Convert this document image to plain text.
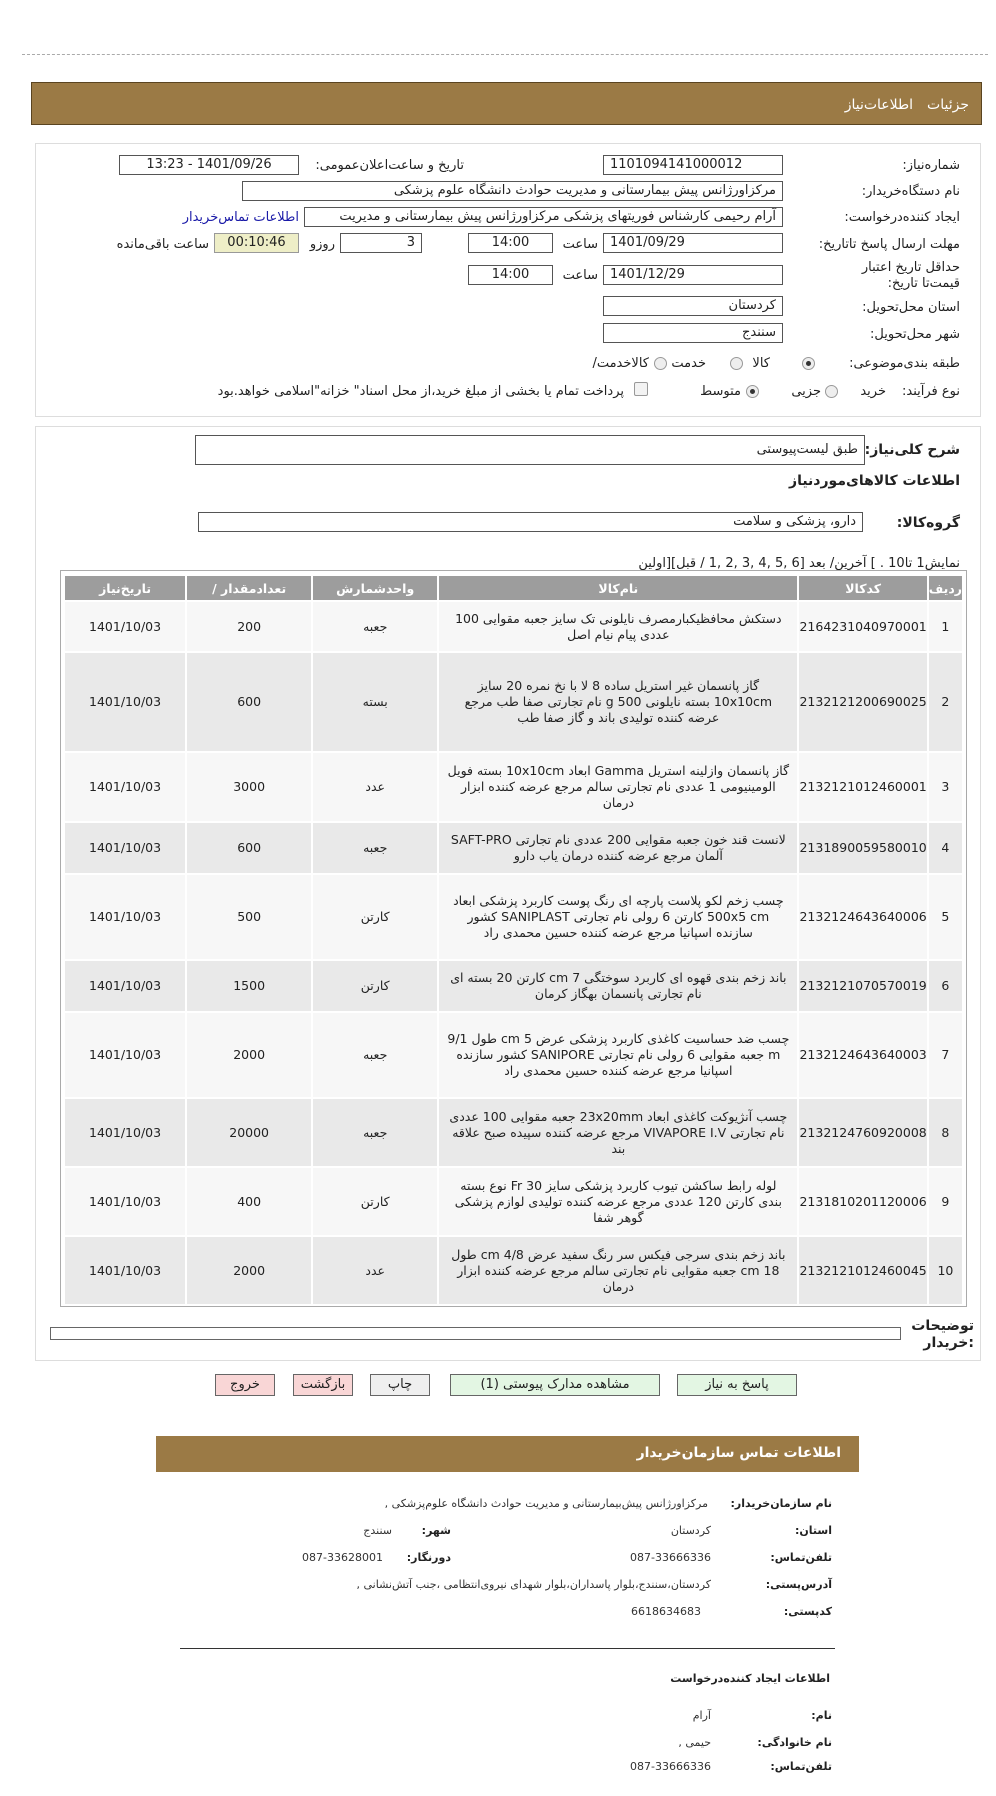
جزئیات
اطلاعات‌نیاز
شماره‌نیاز:
1101094141000012
تاریخ و ساعت‌اعلان‌عمومی:
1401/09/26 - 13:23
نام دستگاه‌خریدار:
مرکزاورژانس پیش بیمارستانی و مدیریت حوادث دانشگاه علوم پزشکی
ایجاد کننده‌درخواست:
آرام رحیمی کارشناس فوریتهای پزشکی مرکزاورژانس پیش بیمارستانی و مدیریت
اطلاعات تماس‌خریدار
مهلت ارسال پاسخ تا‌تاریخ:
1401/09/29
ساعت
14:00
3
روزو
00:10:46
ساعت باقی‌مانده
حداقل تاریخ اعتبار قیمت‌تا تاریخ:
1401/12/29
ساعت
14:00
استان محل‌تحویل:
کردستان
شهر محل‌تحویل:
سنندج
طبقه بندی‌موضوعی:
کالا
خدمت
کالاخدمت/
نوع فرآیند:
خرید
جزیی
متوسط
پرداخت تمام یا بخشی از مبلغ خرید،از محل اسناد" خزانه"اسلامی خواهد.بود
شرح کلی‌نیاز:
طبق لیست‌پیوستی
اطلاعات کالاهای‌موردنیاز
گروه‌کالا:
دارو، پزشکی و سلامت
نمایش1 تا10 . ] آخرین/ بعد [6 ,5 ,4 ,3 ,2 ,1 / قبل][اولین
ردیف	کدکالا	نام‌کالا	واحدشمارش	تعدادمقدار /	تاریخ‌نیاز
1	2164231040970001	دستکش محافظیکبارمصرف نایلونی تک سایز جعبه مقوایی 100 عددی پیام نیام اصل	جعبه	200	1401/10/03
2	2132121200690025	گاز پانسمان غیر استریل ساده 8 لا با نخ نمره 20 سایز 10x10cm بسته نایلونی 500 g نام تجارتی صفا طب مرجع عرضه کننده تولیدی باند و گاز صفا طب	بسته	600	1401/10/03
3	2132121012460001	گاز پانسمان وازلینه استریل Gamma ابعاد 10x10cm بسته فویل الومینیومی 1 عددی نام تجارتی سالم مرجع عرضه کننده ابزار درمان	عدد	3000	1401/10/03
4	2131890059580010	لانست قند خون جعبه مقوایی 200 عددی نام تجارتی SAFT-PRO آلمان مرجع عرضه کننده درمان یاب دارو	جعبه	600	1401/10/03
5	2132124643640006	چسب زخم لکو پلاست پارچه ای رنگ پوست کاربرد پزشکی ابعاد 500x5 cm کارتن 6 رولی نام تجارتی SANIPLAST کشور سازنده اسپانیا مرجع عرضه کننده حسین محمدی راد	کارتن	500	1401/10/03
6	2132121070570019	باند زخم بندی قهوه ای کاربرد سوختگی 7 cm کارتن 20 بسته ای نام تجارتی پانسمان بهگاز کرمان	کارتن	1500	1401/10/03
7	2132124643640003	چسب ضد حساسیت کاغذی کاربرد پزشکی عرض 5 cm طول 9/1 m جعبه مقوایی 6 رولی نام تجارتی SANIPORE کشور سازنده اسپانیا مرجع عرضه کننده حسین محمدی راد	جعبه	2000	1401/10/03
8	2132124760920008	چسب آنژیوکت کاغذی ابعاد 23x20mm جعبه مقوایی 100 عددی نام تجارتی VIVAPORE I.V مرجع عرضه کننده سپیده صبح علاقه بند	جعبه	20000	1401/10/03
9	2131810201120006	لوله رابط ساکشن تیوب کاربرد پزشکی سایز 30 Fr نوع بسته بندی کارتن 120 عددی مرجع عرضه کننده تولیدی لوازم پزشکی گوهر شفا	کارتن	400	1401/10/03
10	2132121012460045	باند زخم بندی سرجی فیکس سر رنگ سفید عرض 4/8 cm طول 18 cm جعبه مقوایی نام تجارتی سالم مرجع عرضه کننده ابزار درمان	عدد	2000	1401/10/03
توضیحات :خریدار
پاسخ به نیاز
مشاهده مدارک پیوستی (1)
چاپ
بازگشت
خروج
اطلاعات تماس سازمان‌خریدار
نام سازمان‌خریدار:
مرکزاورژانس پیش‌بیمارستانی و مدیریت حوادث دانشگاه علوم‌پزشکی ,
استان:
کردستان
شهر:
سنندج
تلفن‌تماس:
087-33666336
دورنگار:
087-33628001
آدرس‌پستی:
کردستان،سنندج،بلوار پاسداران،بلوار شهدای نیروی‌انتظامی ،جنب آتش‌نشانی ,
کد‌پستی:
6618634683
اطلاعات ایجاد کننده‌درخواست
نام:
آرام
نام خانوادگی:
حیمی ,
تلفن‌تماس:
087-33666336
